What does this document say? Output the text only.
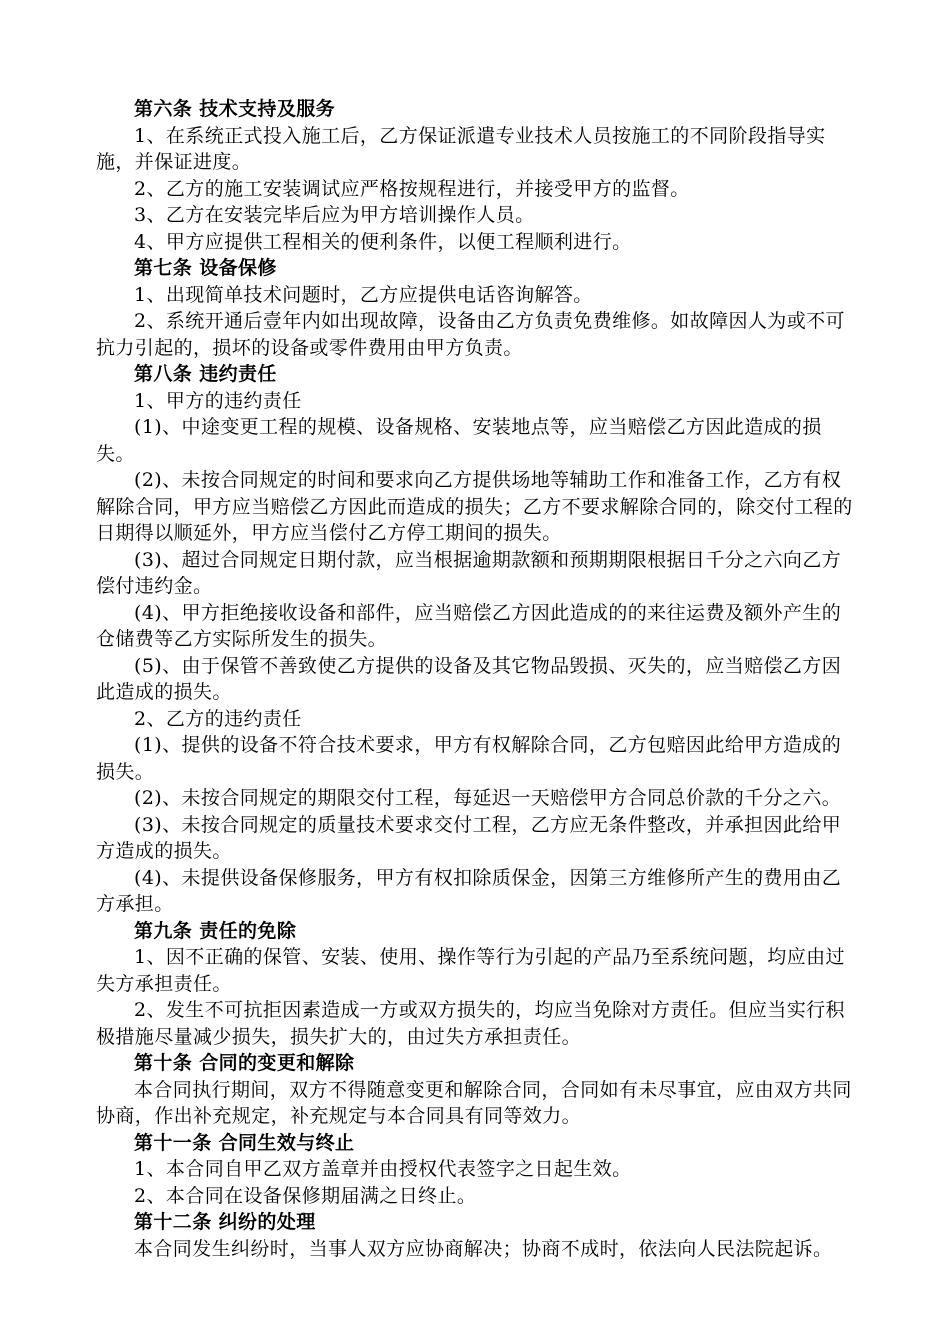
第六条 技术支持及服务

1、在系统正式投入施工后，乙方保证派遣专业技术人员按施工的不同阶段指导实施，并保证进度。

2、乙方的施工安装调试应严格按规程进行，并接受甲方的监督。

3、乙方在安装完毕后应为甲方培训操作人员。

4、甲方应提供工程相关的便利条件，以便工程顺利进行。

第七条 设备保修

1、出现简单技术问题时，乙方应提供电话咨询解答。

2、系统开通后壹年内如出现故障，设备由乙方负责免费维修。如故障因人为或不可抗力引起的，损坏的设备或零件费用由甲方负责。

第八条 违约责任

1、甲方的违约责任

(1)、中途变更工程的规模、设备规格、安装地点等，应当赔偿乙方因此造成的损失。

(2)、未按合同规定的时间和要求向乙方提供场地等辅助工作和准备工作，乙方有权解除合同，甲方应当赔偿乙方因此而造成的损失；乙方不要求解除合同的，除交付工程的日期得以顺延外，甲方应当偿付乙方停工期间的损失。

(3)、超过合同规定日期付款，应当根据逾期款额和预期期限根据日千分之六向乙方偿付违约金。

(4)、甲方拒绝接收设备和部件，应当赔偿乙方因此造成的的来往运费及额外产生的仓储费等乙方实际所发生的损失。

(5)、由于保管不善致使乙方提供的设备及其它物品毁损、灭失的，应当赔偿乙方因此造成的损失。

2、乙方的违约责任

(1)、提供的设备不符合技术要求，甲方有权解除合同，乙方包赔因此给甲方造成的损失。

(2)、未按合同规定的期限交付工程，每延迟一天赔偿甲方合同总价款的千分之六。

(3)、未按合同规定的质量技术要求交付工程，乙方应无条件整改，并承担因此给甲方造成的损失。

(4)、未提供设备保修服务，甲方有权扣除质保金，因第三方维修所产生的费用由乙方承担。

第九条 责任的免除

1、因不正确的保管、安装、使用、操作等行为引起的产品乃至系统问题，均应由过失方承担责任。

2、发生不可抗拒因素造成一方或双方损失的，均应当免除对方责任。但应当实行积极措施尽量减少损失，损失扩大的，由过失方承担责任。

第十条 合同的变更和解除

本合同执行期间，双方不得随意变更和解除合同，合同如有未尽事宜，应由双方共同协商，作出补充规定，补充规定与本合同具有同等效力。

第十一条 合同生效与终止

1、本合同自甲乙双方盖章并由授权代表签字之日起生效。

2、本合同在设备保修期届满之日终止。

第十二条 纠纷的处理

本合同发生纠纷时，当事人双方应协商解决；协商不成时，依法向人民法院起诉。
